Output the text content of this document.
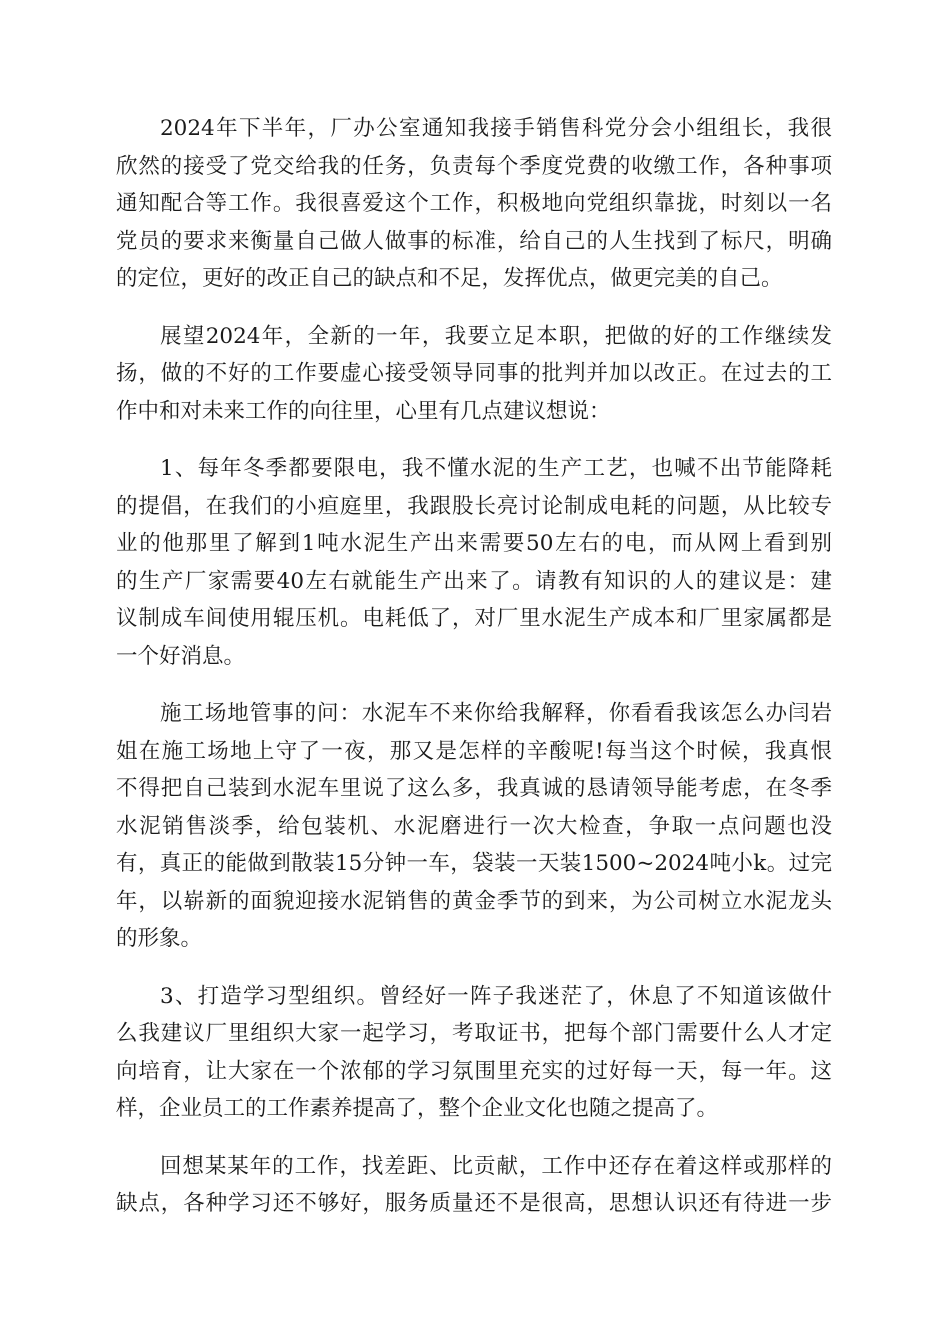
2024年下半年，厂办公室通知我接手销售科党分会小组组长，我很
欣然的接受了党交给我的任务，负责每个季度党费的收缴工作，各种事项
通知配合等工作。我很喜爱这个工作，积极地向党组织靠拢，时刻以一名
党员的要求来衡量自己做人做事的标准，给自己的人生找到了标尺，明确
的定位，更好的改正自己的缺点和不足，发挥优点，做更完美的自己。

展望2024年，全新的一年，我要立足本职，把做的好的工作继续发
扬，做的不好的工作要虚心接受领导同事的批判并加以改正。在过去的工
作中和对未来工作的向往里，心里有几点建议想说：

1、每年冬季都要限电，我不懂水泥的生产工艺，也喊不出节能降耗
的提倡，在我们的小疸庭里，我跟股长亮讨论制成电耗的问题，从比较专
业的他那里了解到1吨水泥生产出来需要50左右的电，而从网上看到别
的生产厂家需要40左右就能生产出来了。请教有知识的人的建议是：建
议制成车间使用辊压机。电耗低了，对厂里水泥生产成本和厂里家属都是
一个好消息。

施工场地管事的问：水泥车不来你给我解释，你看看我该怎么办闫岩
姐在施工场地上守了一夜，那又是怎样的辛酸呢!每当这个时候，我真恨
不得把自己装到水泥车里说了这么多，我真诚的恳请领导能考虑，在冬季
水泥销售淡季，给包装机、水泥磨进行一次大检查，争取一点问题也没
有，真正的能做到散装15分钟一车，袋装一天装1500~2024吨小k。过完
年，以崭新的面貌迎接水泥销售的黄金季节的到来，为公司树立水泥龙头
的形象。

3、打造学习型组织。曾经好一阵子我迷茫了，休息了不知道该做什
么我建议厂里组织大家一起学习，考取证书，把每个部门需要什么人才定
向培育，让大家在一个浓郁的学习氛围里充实的过好每一天，每一年。这
样，企业员工的工作素养提高了，整个企业文化也随之提高了。

回想某某年的工作，找差距、比贡献，工作中还存在着这样或那样的
缺点，各种学习还不够好，服务质量还不是很高，思想认识还有待进一步
